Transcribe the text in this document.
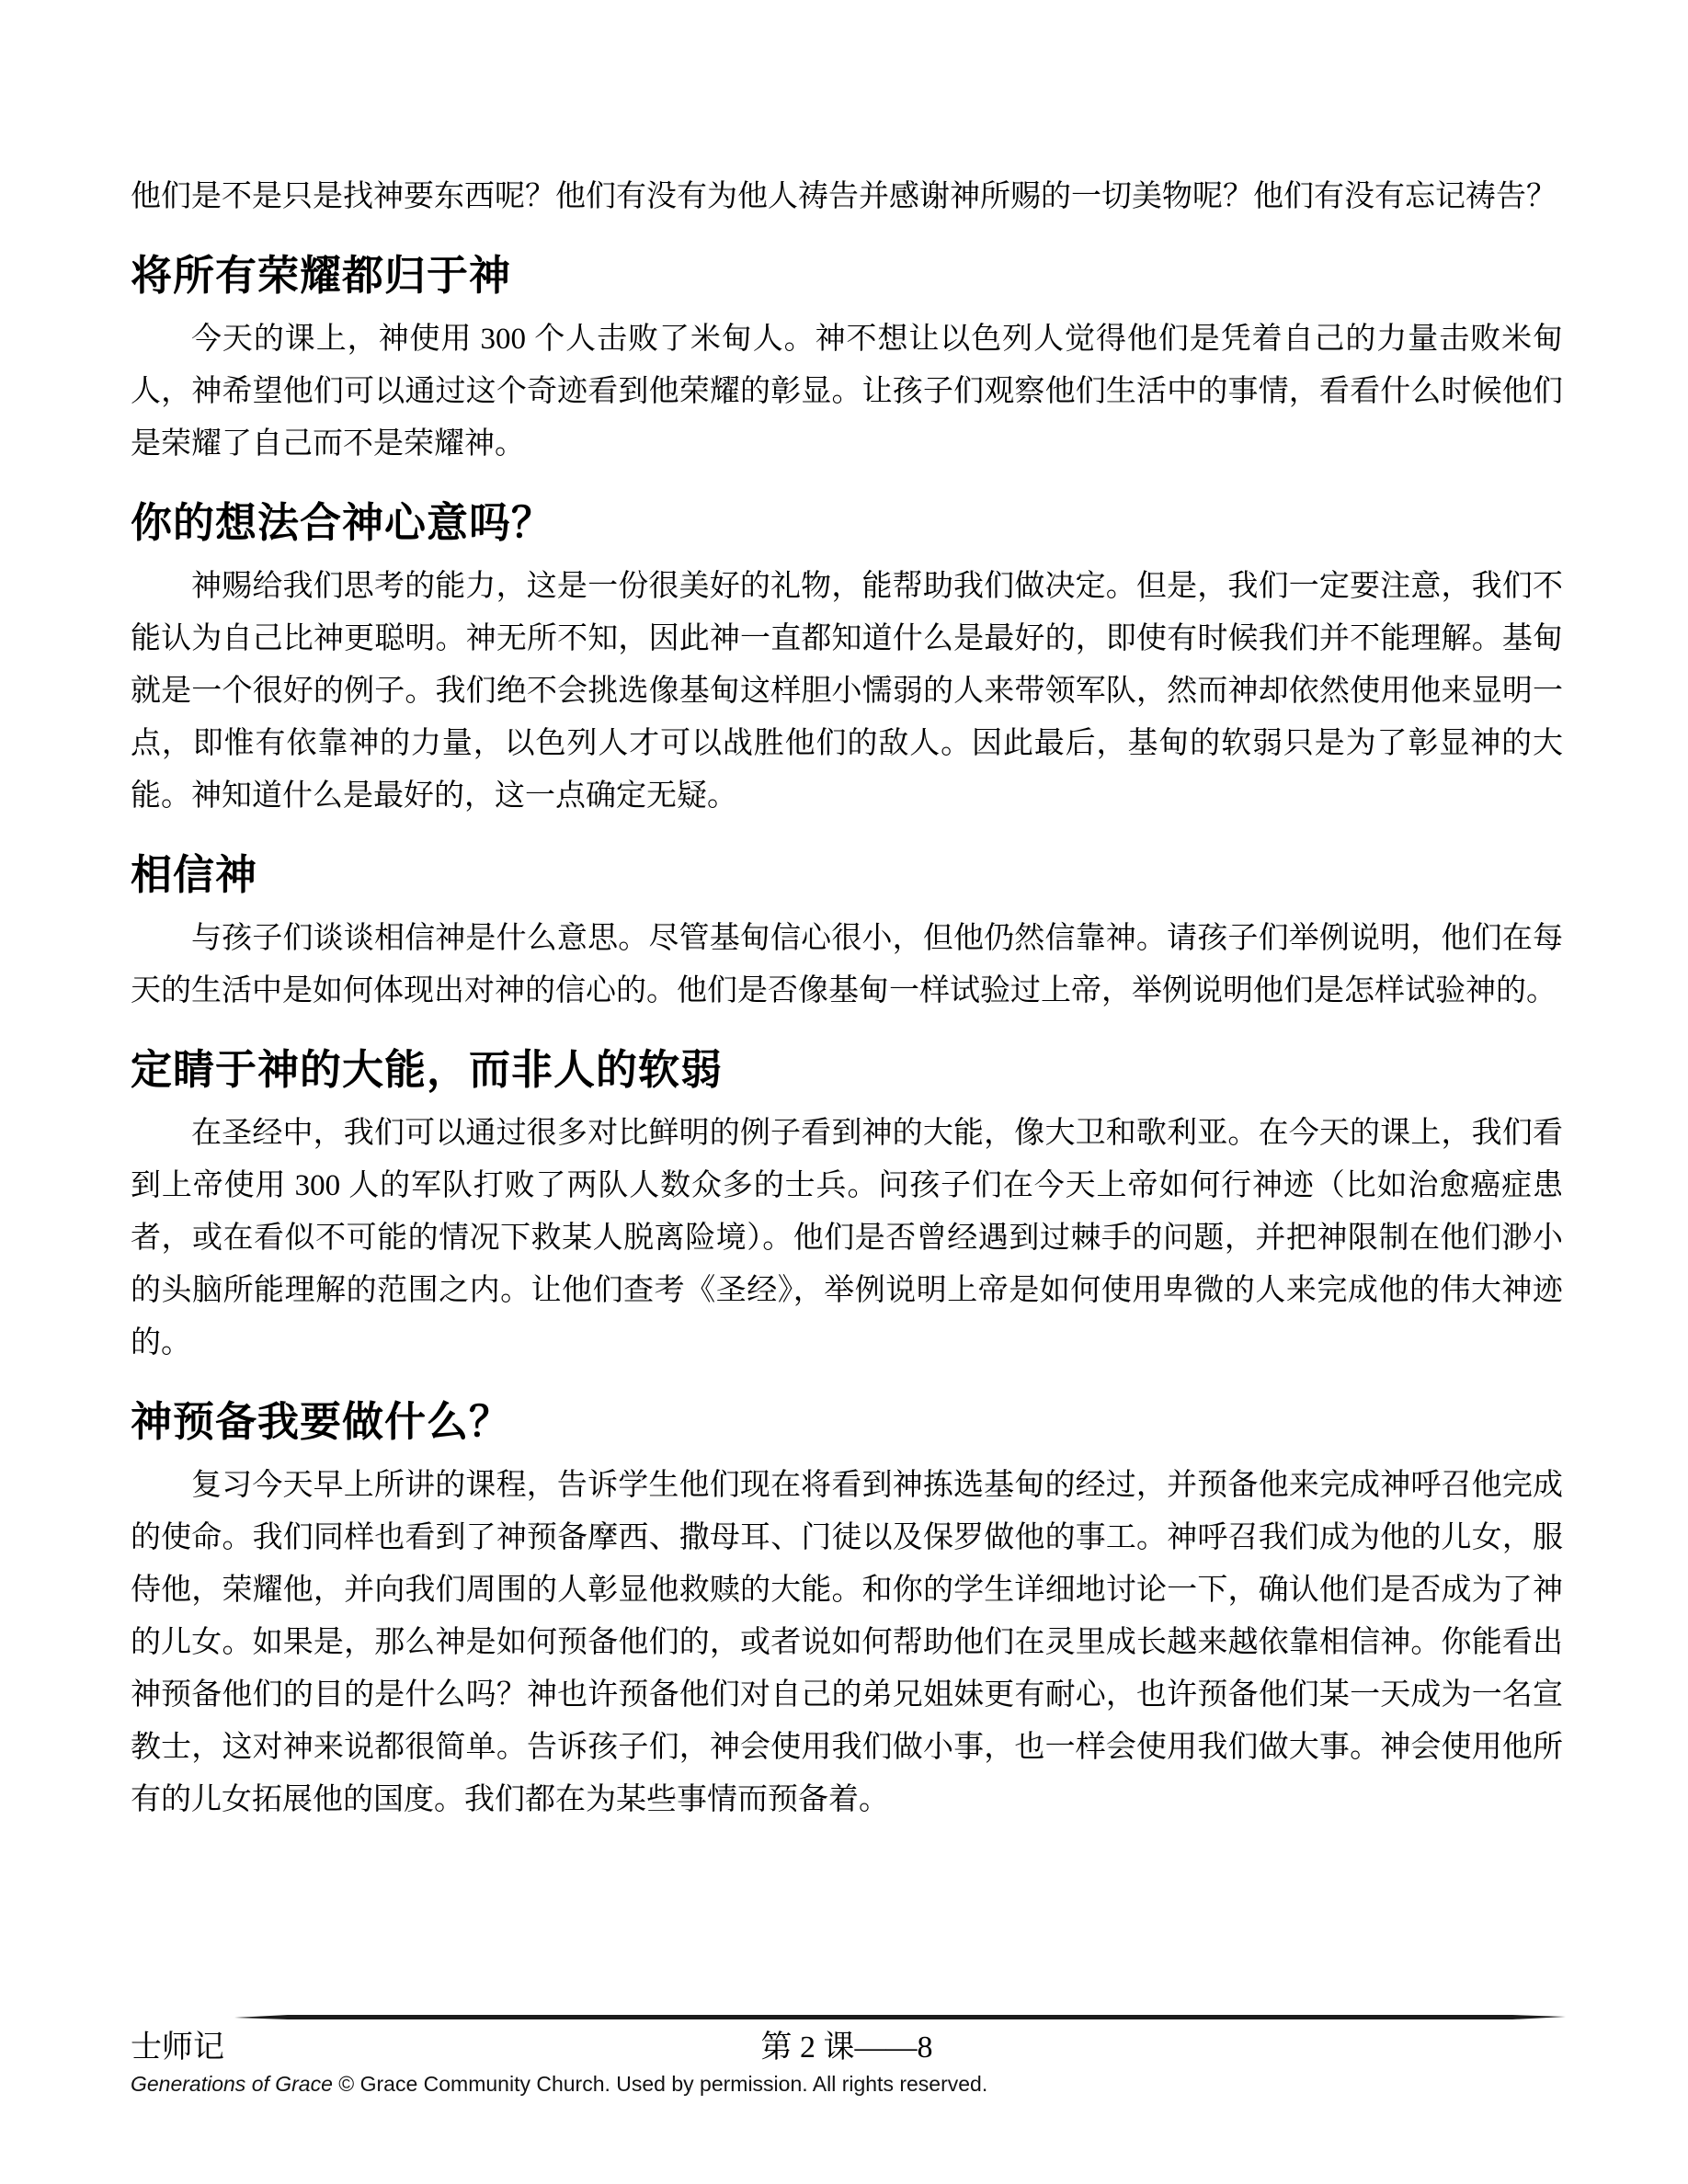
他们是不是只是找神要东西呢？他们有没有为他人祷告并感谢神所赐的一切美物呢？他们有没有忘记祷告？

将所有荣耀都归于神

今天的课上，神使用 300 个人击败了米甸人。神不想让以色列人觉得他们是凭着自己的力量击败米甸人，神希望他们可以通过这个奇迹看到他荣耀的彰显。让孩子们观察他们生活中的事情，看看什么时候他们是荣耀了自己而不是荣耀神。

你的想法合神心意吗？

神赐给我们思考的能力，这是一份很美好的礼物，能帮助我们做决定。但是，我们一定要注意，我们不能认为自己比神更聪明。神无所不知，因此神一直都知道什么是最好的，即使有时候我们并不能理解。基甸就是一个很好的例子。我们绝不会挑选像基甸这样胆小懦弱的人来带领军队，然而神却依然使用他来显明一点，即惟有依靠神的力量，以色列人才可以战胜他们的敌人。因此最后，基甸的软弱只是为了彰显神的大能。神知道什么是最好的，这一点确定无疑。

相信神

与孩子们谈谈相信神是什么意思。尽管基甸信心很小，但他仍然信靠神。请孩子们举例说明，他们在每天的生活中是如何体现出对神的信心的。他们是否像基甸一样试验过上帝，举例说明他们是怎样试验神的。

定睛于神的大能，而非人的软弱

在圣经中，我们可以通过很多对比鲜明的例子看到神的大能，像大卫和歌利亚。在今天的课上，我们看到上帝使用 300 人的军队打败了两队人数众多的士兵。问孩子们在今天上帝如何行神迹（比如治愈癌症患者，或在看似不可能的情况下救某人脱离险境）。他们是否曾经遇到过棘手的问题，并把神限制在他们渺小的头脑所能理解的范围之内。让他们查考《圣经》，举例说明上帝是如何使用卑微的人来完成他的伟大神迹的。

神预备我要做什么？

复习今天早上所讲的课程，告诉学生他们现在将看到神拣选基甸的经过，并预备他来完成神呼召他完成的使命。我们同样也看到了神预备摩西、撒母耳、门徒以及保罗做他的事工。神呼召我们成为他的儿女，服侍他，荣耀他，并向我们周围的人彰显他救赎的大能。和你的学生详细地讨论一下，确认他们是否成为了神的儿女。如果是，那么神是如何预备他们的，或者说如何帮助他们在灵里成长越来越依靠相信神。你能看出神预备他们的目的是什么吗？神也许预备他们对自己的弟兄姐妹更有耐心，也许预备他们某一天成为一名宣教士，这对神来说都很简单。告诉孩子们，神会使用我们做小事，也一样会使用我们做大事。神会使用他所有的儿女拓展他的国度。我们都在为某些事情而预备着。

士师记	第 2 课——8
Generations of Grace © Grace Community Church. Used by permission. All rights reserved.
